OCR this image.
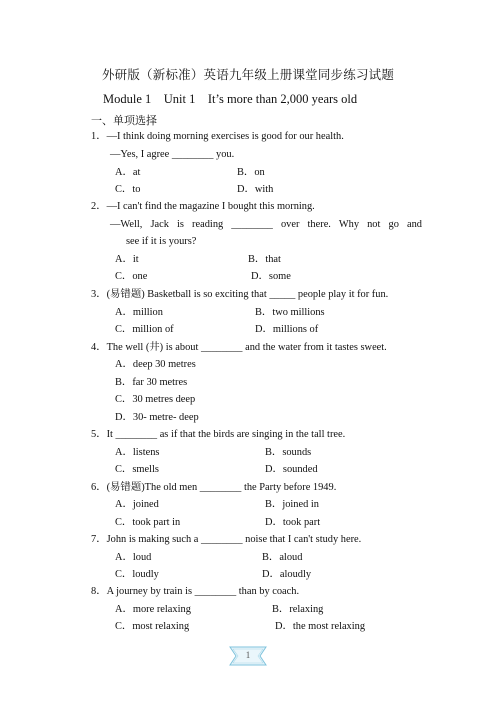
外研版（新标准）英语九年级上册课堂同步练习试题
Module 1    Unit 1    It’s more than 2,000 years old
一、单项选择
1．—I think doing morning exercises is good for our health.
—Yes, I agree ________ you.
A．at	B．on
C．to	D．with
2．—I can't find the magazine I bought this morning.
—Well, Jack is reading ________ over there. Why not go and
see if it is yours?
A．it	B．that
C．one	D．some
3．(易错题) Basketball is so exciting that _____ people play it for fun.
A．million	B．two millions
C．million of	D．millions of
4．The well (井) is about ________ and the water from it tastes sweet.
A．deep 30 metres
B．far 30 metres
C．30 metres deep
D．30- metre- deep
5．It ________ as if that the birds are singing in the tall tree.
A．listens	B．sounds
C．smells	D．sounded
6．(易错题)The old men ________ the Party before 1949.
A．joined	B．joined in
C．took part in	D．took part
7．John is making such a ________ noise that I can't study here.
A．loud	B．aloud
C．loudly	D．aloudly
8．A journey by train is ________ than by coach.
A．more relaxing	B．relaxing
C．most relaxing	D．the most relaxing
1
